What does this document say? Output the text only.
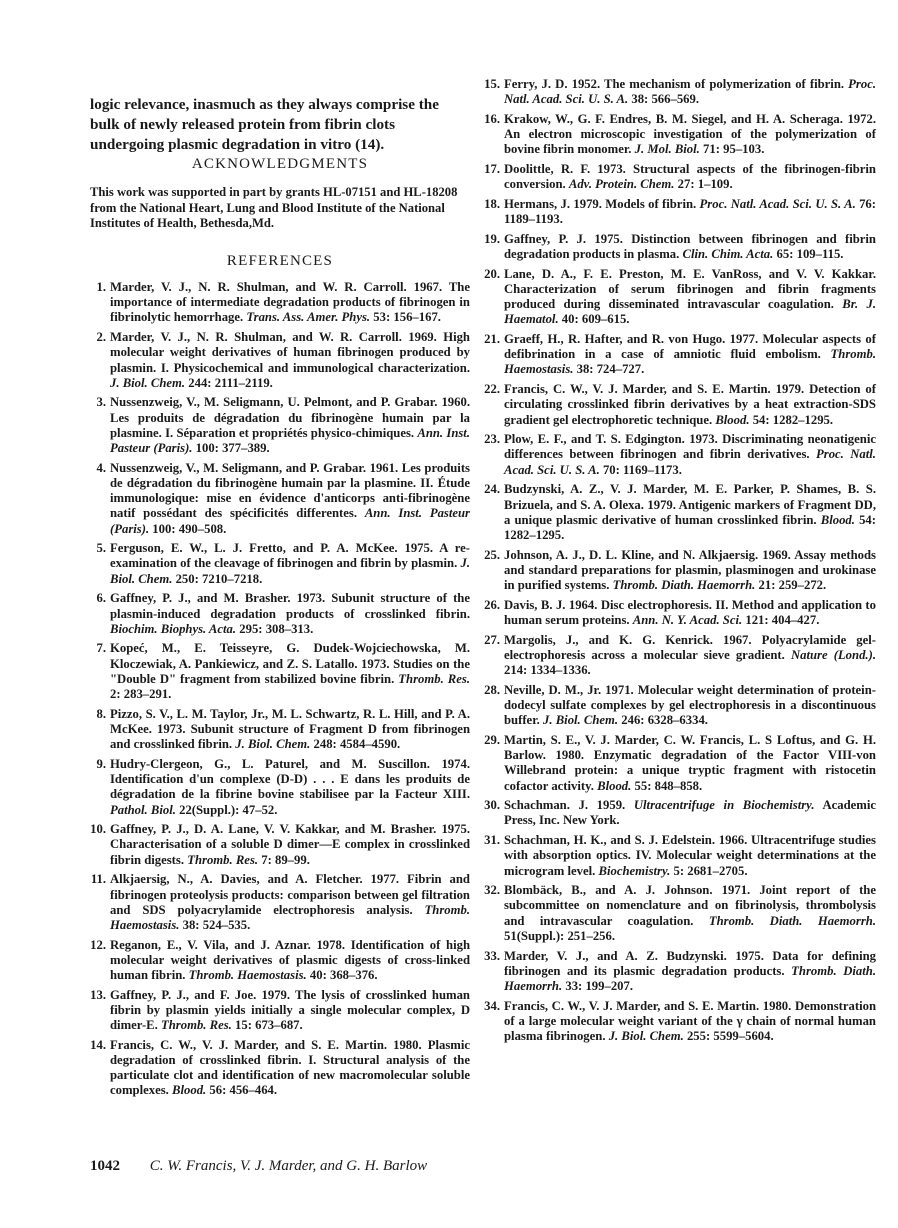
logic relevance, inasmuch as they always comprise the bulk of newly released protein from fibrin clots undergoing plasmic degradation in vitro (14).

ACKNOWLEDGMENTS

This work was supported in part by grants HL-07151 and HL-18208 from the National Heart, Lung and Blood Institute of the National Institutes of Health, Bethesda,Md.

REFERENCES
1. Marder, V. J., N. R. Shulman, and W. R. Carroll. 1967. The importance of intermediate degradation products of fibrinogen in fibrinolytic hemorrhage. Trans. Ass. Amer. Phys. 53: 156–167.
2. Marder, V. J., N. R. Shulman, and W. R. Carroll. 1969. High molecular weight derivatives of human fibrinogen produced by plasmin. I. Physicochemical and immunological characterization. J. Biol. Chem. 244: 2111–2119.
3. Nussenzweig, V., M. Seligmann, U. Pelmont, and P. Grabar. 1960. Les produits de dégradation du fibrinogène humain par la plasmine. I. Séparation et propriétés physico-chimiques. Ann. Inst. Pasteur (Paris). 100: 377–389.
4. Nussenzweig, V., M. Seligmann, and P. Grabar. 1961. Les produits de dégradation du fibrinogène humain par la plasmine. II. Étude immunologique: mise en évidence d'anticorps anti-fibrinogène natif possédant des spécificités differentes. Ann. Inst. Pasteur (Paris). 100: 490–508.
5. Ferguson, E. W., L. J. Fretto, and P. A. McKee. 1975. A re-examination of the cleavage of fibrinogen and fibrin by plasmin. J. Biol. Chem. 250: 7210–7218.
6. Gaffney, P. J., and M. Brasher. 1973. Subunit structure of the plasmin-induced degradation products of crosslinked fibrin. Biochim. Biophys. Acta. 295: 308–313.
7. Kopeć, M., E. Teisseyre, G. Dudek-Wojciechowska, M. Kloczewiak, A. Pankiewicz, and Z. S. Latallo. 1973. Studies on the "Double D" fragment from stabilized bovine fibrin. Thromb. Res. 2: 283–291.
8. Pizzo, S. V., L. M. Taylor, Jr., M. L. Schwartz, R. L. Hill, and P. A. McKee. 1973. Subunit structure of Fragment D from fibrinogen and crosslinked fibrin. J. Biol. Chem. 248: 4584–4590.
9. Hudry-Clergeon, G., L. Paturel, and M. Suscillon. 1974. Identification d'un complexe (D-D) . . . E dans les produits de dégradation de la fibrine bovine stabilisee par la Facteur XIII. Pathol. Biol. 22(Suppl.): 47–52.
10. Gaffney, P. J., D. A. Lane, V. V. Kakkar, and M. Brasher. 1975. Characterisation of a soluble D dimer—E complex in crosslinked fibrin digests. Thromb. Res. 7: 89–99.
11. Alkjaersig, N., A. Davies, and A. Fletcher. 1977. Fibrin and fibrinogen proteolysis products: comparison between gel filtration and SDS polyacrylamide electrophoresis analysis. Thromb. Haemostasis. 38: 524–535.
12. Reganon, E., V. Vila, and J. Aznar. 1978. Identification of high molecular weight derivatives of plasmic digests of cross-linked human fibrin. Thromb. Haemostasis. 40: 368–376.
13. Gaffney, P. J., and F. Joe. 1979. The lysis of crosslinked human fibrin by plasmin yields initially a single molecular complex, D dimer-E. Thromb. Res. 15: 673–687.
14. Francis, C. W., V. J. Marder, and S. E. Martin. 1980. Plasmic degradation of crosslinked fibrin. I. Structural analysis of the particulate clot and identification of new macromolecular soluble complexes. Blood. 56: 456–464.
15. Ferry, J. D. 1952. The mechanism of polymerization of fibrin. Proc. Natl. Acad. Sci. U. S. A. 38: 566–569.
16. Krakow, W., G. F. Endres, B. M. Siegel, and H. A. Scheraga. 1972. An electron microscopic investigation of the polymerization of bovine fibrin monomer. J. Mol. Biol. 71: 95–103.
17. Doolittle, R. F. 1973. Structural aspects of the fibrinogen-fibrin conversion. Adv. Protein. Chem. 27: 1–109.
18. Hermans, J. 1979. Models of fibrin. Proc. Natl. Acad. Sci. U. S. A. 76: 1189–1193.
19. Gaffney, P. J. 1975. Distinction between fibrinogen and fibrin degradation products in plasma. Clin. Chim. Acta. 65: 109–115.
20. Lane, D. A., F. E. Preston, M. E. VanRoss, and V. V. Kakkar. Characterization of serum fibrinogen and fibrin fragments produced during disseminated intravascular coagulation. Br. J. Haematol. 40: 609–615.
21. Graeff, H., R. Hafter, and R. von Hugo. 1977. Molecular aspects of defibrination in a case of amniotic fluid embolism. Thromb. Haemostasis. 38: 724–727.
22. Francis, C. W., V. J. Marder, and S. E. Martin. 1979. Detection of circulating crosslinked fibrin derivatives by a heat extraction-SDS gradient gel electrophoretic technique. Blood. 54: 1282–1295.
23. Plow, E. F., and T. S. Edgington. 1973. Discriminating neonatigenic differences between fibrinogen and fibrin derivatives. Proc. Natl. Acad. Sci. U. S. A. 70: 1169–1173.
24. Budzynski, A. Z., V. J. Marder, M. E. Parker, P. Shames, B. S. Brizuela, and S. A. Olexa. 1979. Antigenic markers of Fragment DD, a unique plasmic derivative of human crosslinked fibrin. Blood. 54: 1282–1295.
25. Johnson, A. J., D. L. Kline, and N. Alkjaersig. 1969. Assay methods and standard preparations for plasmin, plasminogen and urokinase in purified systems. Thromb. Diath. Haemorrh. 21: 259–272.
26. Davis, B. J. 1964. Disc electrophoresis. II. Method and application to human serum proteins. Ann. N. Y. Acad. Sci. 121: 404–427.
27. Margolis, J., and K. G. Kenrick. 1967. Polyacrylamide gel-electrophoresis across a molecular sieve gradient. Nature (Lond.). 214: 1334–1336.
28. Neville, D. M., Jr. 1971. Molecular weight determination of protein-dodecyl sulfate complexes by gel electrophoresis in a discontinuous buffer. J. Biol. Chem. 246: 6328–6334.
29. Martin, S. E., V. J. Marder, C. W. Francis, L. S Loftus, and G. H. Barlow. 1980. Enzymatic degradation of the Factor VIII-von Willebrand protein: a unique tryptic fragment with ristocetin cofactor activity. Blood. 55: 848–858.
30. Schachman. J. 1959. Ultracentrifuge in Biochemistry. Academic Press, Inc. New York.
31. Schachman, H. K., and S. J. Edelstein. 1966. Ultracentrifuge studies with absorption optics. IV. Molecular weight determinations at the microgram level. Biochemistry. 5: 2681–2705.
32. Blombäck, B., and A. J. Johnson. 1971. Joint report of the subcommittee on nomenclature and on fibrinolysis, thrombolysis and intravascular coagulation. Thromb. Diath. Haemorrh. 51(Suppl.): 251–256.
33. Marder, V. J., and A. Z. Budzynski. 1975. Data for defining fibrinogen and its plasmic degradation products. Thromb. Diath. Haemorrh. 33: 199–207.
34. Francis, C. W., V. J. Marder, and S. E. Martin. 1980. Demonstration of a large molecular weight variant of the γ chain of normal human plasma fibrinogen. J. Biol. Chem. 255: 5599–5604.
1042 C. W. Francis, V. J. Marder, and G. H. Barlow
